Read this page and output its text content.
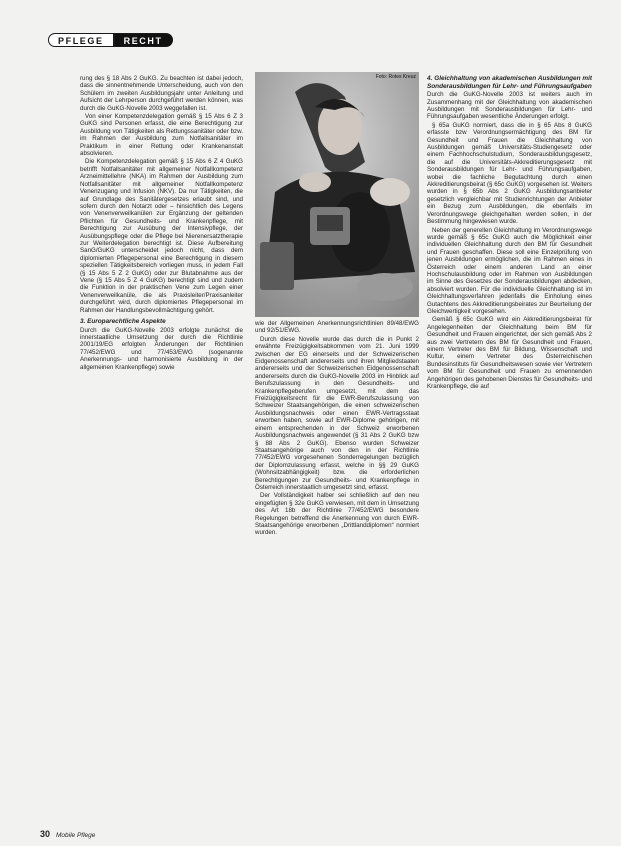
PFLEGE	RECHT

rung des § 18 Abs 2 GuKG. Zu beachten ist dabei jedoch, dass die sinnentnehmende Unterscheidung, auch von den Schülern im zweiten Ausbildungsjahr unter Anleitung und Aufsicht der Lehrperson durchgeführt werden können, was durch die GuKG-Novelle 2003 weggefallen ist.

Von einer Kompetenzdelegation gemäß § 15 Abs 6 Z 3 GuKG sind Personen erfasst, die eine Berechtigung zur Ausbildung von Tätigkeiten als Rettungssanitäter oder bzw. im Rahmen der Ausbildung zum Notfallsanitäter im Praktikum in einer Rettung oder Krankenanstalt absolvieren.

Die Kompetenzdelegation gemäß § 15 Abs 6 Z 4 GuKG betrifft Notfallsanitäter mit allgemeiner Notfallkompetenz Arzneimittellehre (NKA) im Rahmen der Ausbildung zum Notfallsanitäter mit allgemeiner Notfallkompetenz Venenzugang und Infusion (NKV). Da nur Tätigkeiten, die auf Grundlage des Sanitätergesetzes erlaubt sind, und sofern durch den Notarzt oder – hinsichtlich des Legens von Venenverweilkanülen zur Ergänzung der geltenden Pflichten für Gesundheits- und Krankenpflege, mit Berechtigung zur Ausübung der Intensivpflege, der Ausübungspflege oder die Pflege bei Nierenersatztherapie zur Weiterdelegation berechtigt ist. Diese Aufbereitung SanG/GuKG unterscheidet jedoch nicht, dass dem diplomierten Pflegepersonal eine Berechtigung in diesem speziellen Tätigkeitsbereich vorliegen muss, in jedem Fall (§ 15 Abs 5 Z 2 GuKG) oder zur Blutabnahme aus der Vene (§ 15 Abs 5 Z 4 GuKG) berechtigt sind und zudem die Funktion in der praktischen Vene zum Legen einer Venenverweilkanüle, die als Praxisleiter/Praxisanleiter durchgeführt wird, durch diplomiertes Pflegepersonal im Rahmen der Handlungsbevollmächtigung gehört.

3. Europarechtliche Aspekte

Durch die GuKG-Novelle 2003 erfolgte zunächst die innerstaatliche Umsetzung der durch die Richtlinie 2001/19/EG erfolgten Änderungen der Richtlinien 77/452/EWG und 77/453/EWG (sogenannte Anerkennungs- und harmonisierte Ausbildung in der allgemeinen Krankenpflege) sowie

Foto: Rotes Kreuz

wie der Allgemeinen Anerkennungsrichtlinien 89/48/EWG und 92/51/EWG.

Durch diese Novelle wurde das durch die in Punkt 2 erwähnte Freizügigkeitsabkommen vom 21. Juni 1999 zwischen der EG einerseits und der Schweizerischen Eidgenossenschaft andererseits und ihren Mitgliedstaaten andererseits und der Schweizerischen Eidgenossenschaft andererseits durch die GuKG-Novelle 2003 im Hinblick auf Berufszulassung in den Gesundheits- und Krankenpflegeberufen umgesetzt, mit dem das Freizügigkeitsrecht für die EWR-Berufszulassung von Schweizer Staatsangehörigen, die einen schweizerischen Ausbildungsnachweis oder einen EWR-Vertragsstaat erworben haben, sowie auf EWR-Diplome gehörigen, mit einem entsprechenden in der Schweiz erworbenen Ausbildungsnachweis angewendet (§ 31 Abs 2 GuKG bzw § 88 Abs 2 GuKG). Ebenso wurden Schweizer Staatsangehörige auch von den in der Richtlinie 77/452/EWG vorgesehenen Sonderregelungen bezüglich der Diplomzulassung erfasst, welche in §§ 29 GuKG (Wohnsitzabhängigkeit) bzw. die erforderlichen Berechtigungen zur Gesundheits- und Krankenpflege in Österreich innerstaatlich umgesetzt sind, erfasst.

Der Vollständigkeit halber sei schließlich auf den neu eingefügten § 32e GuKG verwiesen, mit dem in Umsetzung des Art 18b der Richtlinie 77/452/EWG besondere Regelungen betreffend die Anerkennung von durch EWR-Staatsangehörige erworbenen „Drittlanddiplomen“ normiert wurden.

4. Gleichhaltung von akademischen Ausbildungen mit Sonderausbildungen für Lehr- und Führungsaufgaben

Durch die GuKG-Novelle 2003 ist weiters auch im Zusammenhang mit der Gleichhaltung von akademischen Ausbildungen mit Sonderausbildungen für Lehr- und Führungsaufgaben wesentliche Änderungen erfolgt.

§ 65a GuKG normiert, dass die in § 65 Abs 8 GuKG erfasste bzw Verordnungsermächtigung des BM für Gesundheit und Frauen die Gleichhaltung von Ausbildungen gemäß Universitäts-Studiengesetz oder einem Fachhochschulstudium, Sonderausbildungsgesetz, die auf die Universitäts-Akkreditierungsgesetz mit Sonderausbildungen für Lehr- und Führungsaufgaben, wobei die fachliche Begutachtung durch einen Akkreditierungsbeirat (§ 65c GuKG) vorgesehen ist. Weiters wurden in § 65b Abs 2 GuKG Ausbildungsanbieter gesetzlich vergleichbar mit Studienrichtungen der Anbieter ein Bezug zum Ausbildungen, die ebenfalls im Verordnungswege gleichgehalten werden sollen, in der Bestimmung hingewiesen wurde.

Neben der generellen Gleichhaltung im Verordnungswege wurde gemäß § 65c GuKG auch die Möglichkeit einer individuellen Gleichhaltung durch den BM für Gesundheit und Frauen geschaffen. Diese soll eine Einzelprüfung von jenen Ausbildungen ermöglichen, die im Rahmen eines in Österreich oder einem anderen Land an einer Hochschulausbildung oder im Rahmen von Ausbildungen im Sinne des Gesetzes der Sonderausbildungen abdecken, absolviert wurden. Für die individuelle Gleichhaltung ist im Gleichhaltungsverfahren jedenfalls die Einholung eines Gutachtens des Akkreditierungsbeirates zur Beurteilung der Gleichwertigkeit vorgesehen.

Gemäß § 65c GuKG wird ein Akkreditierungsbeirat für Angelegenheiten der Gleichhaltung beim BM für Gesundheit und Frauen eingerichtet, der sich gemäß Abs 2 aus zwei Vertretern des BM für Gesundheit und Frauen, einem Vertreter des BM für Bildung, Wissenschaft und Kultur, einem Vertreter des Österreichischen Bundesinstituts für Gesundheitswesen sowie vier Vertretern vom BM für Gesundheit und Frauen zu ernennenden Angehörigen des gehobenen Dienstes für Gesundheits- und Krankenpflege, die auf

30 Mobile Pflege
